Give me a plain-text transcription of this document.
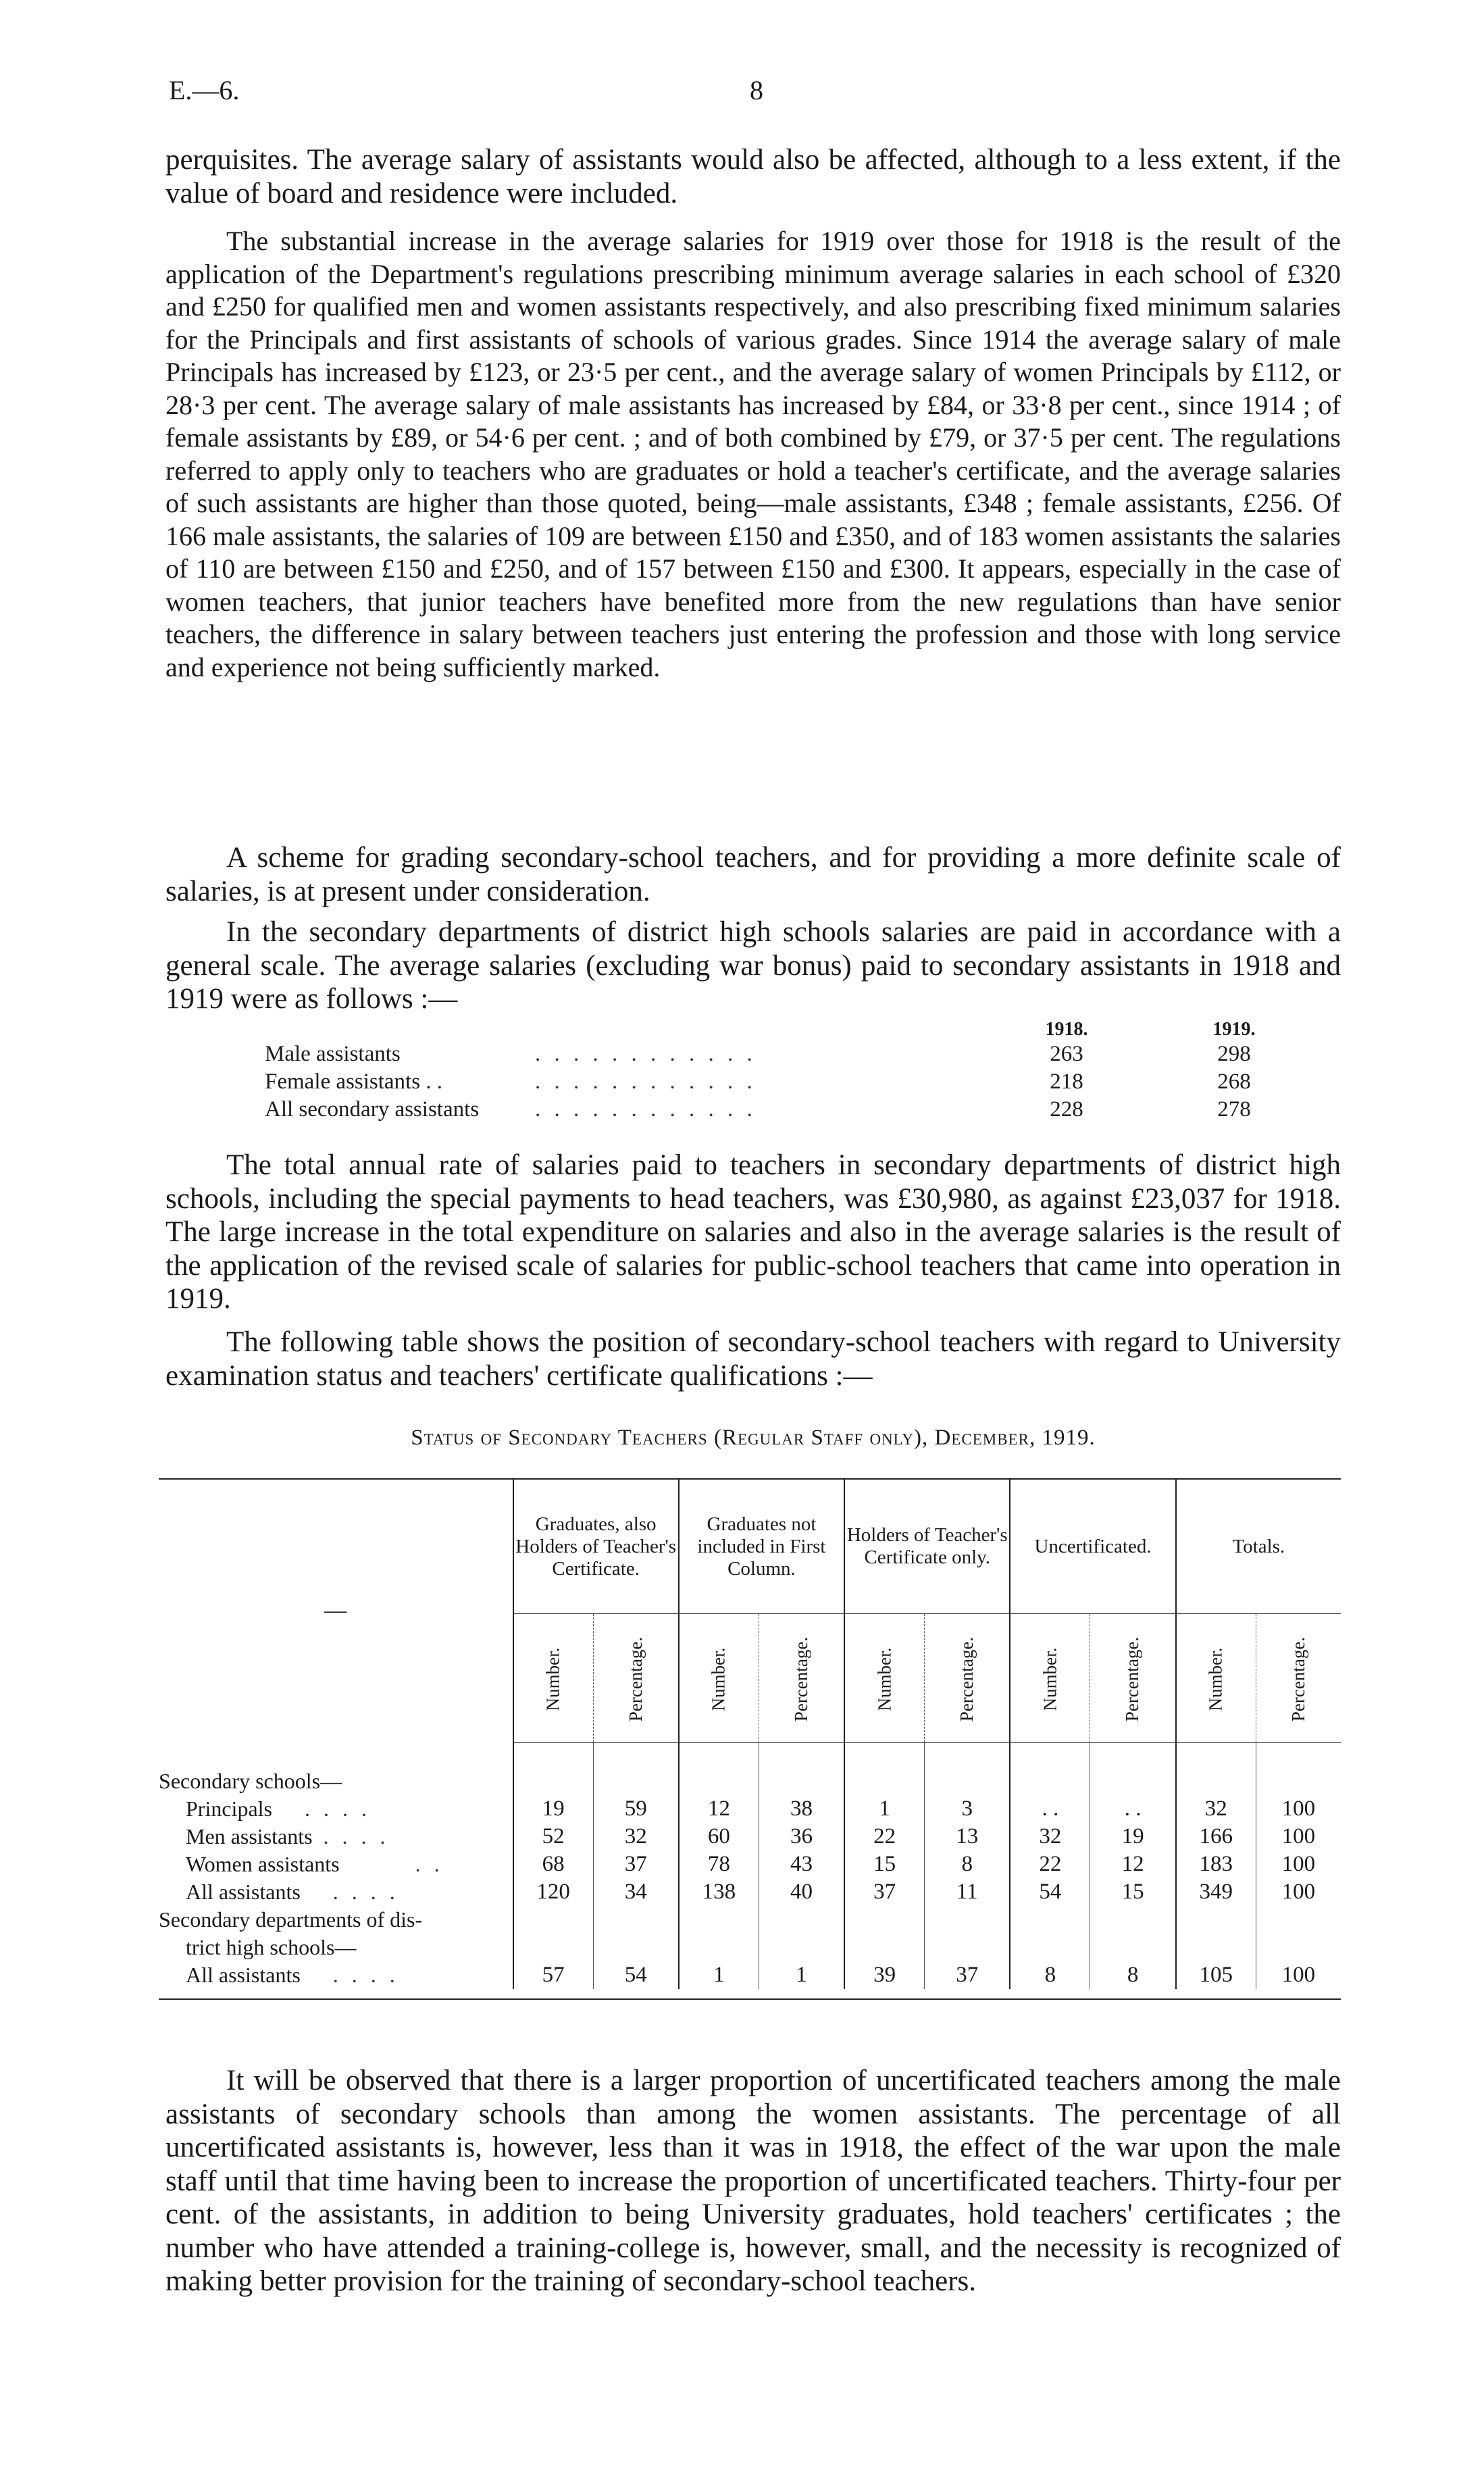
E.—6.	8

perquisites. The average salary of assistants would also be affected, although to a less extent, if the value of board and residence were included.

The substantial increase in the average salaries for 1919 over those for 1918 is the result of the application of the Department's regulations prescribing minimum average salaries in each school of £320 and £250 for qualified men and women assistants respectively, and also prescribing fixed minimum salaries for the Principals and first assistants of schools of various grades. Since 1914 the average salary of male Principals has increased by £123, or 23·5 per cent., and the average salary of women Principals by £112, or 28·3 per cent. The average salary of male assistants has increased by £84, or 33·8 per cent., since 1914 ; of female assistants by £89, or 54·6 per cent. ; and of both combined by £79, or 37·5 per cent. The regulations referred to apply only to teachers who are graduates or hold a teacher's certificate, and the average salaries of such assistants are higher than those quoted, being—male assistants, £348 ; female assistants, £256. Of 166 male assistants, the salaries of 109 are between £150 and £350, and of 183 women assistants the salaries of 110 are between £150 and £250, and of 157 between £150 and £300. It appears, especially in the case of women teachers, that junior teachers have benefited more from the new regulations than have senior teachers, the difference in salary between teachers just entering the profession and those with long service and experience not being sufficiently marked.

A scheme for grading secondary-school teachers, and for providing a more definite scale of salaries, is at present under consideration.

In the secondary departments of district high schools salaries are paid in accordance with a general scale. The average salaries (excluding war bonus) paid to secondary assistants in 1918 and 1919 were as follows :—

1918.	1919.
Male assistants	. . . . . . . . . . . .	263	298
Female assistants . .	. . . . . . . . . . . .	218	268
All secondary assistants	. . . . . . . . . . . .	228	278

The total annual rate of salaries paid to teachers in secondary departments of district high schools, including the special payments to head teachers, was £30,980, as against £23,037 for 1918. The large increase in the total expenditure on salaries and also in the average salaries is the result of the application of the revised scale of salaries for public-school teachers that came into operation in 1919.

The following table shows the position of secondary-school teachers with regard to University examination status and teachers' certificate qualifications :—

Status of Secondary Teachers (Regular Staff only), December, 1919.

—	Graduates, also Holders of Teacher's Certificate.		Graduates not included in First Column.		Holders of Teacher's Certificate only.		Uncertificated.		Totals.	
	Number.	Percentage.	Number.	Percentage.	Number.	Percentage.	Number.	Percentage.	Number.	Percentage.

Secondary schools—										
Principals . . . .	19	59	12	38	1	3	. .	. .	32	100
Men assistants . . . .	52	32	60	36	22	13	32	19	166	100
Women assistants . .	68	37	78	43	15	8	22	12	183	100
All assistants . . . .	120	34	138	40	37	11	54	15	349	100
Secondary departments of dis-										
trict high schools—										
All assistants . . . .	57	54	1	1	39	37	8	8	105	100

It will be observed that there is a larger proportion of uncertificated teachers among the male assistants of secondary schools than among the women assistants. The percentage of all uncertificated assistants is, however, less than it was in 1918, the effect of the war upon the male staff until that time having been to increase the proportion of uncertificated teachers. Thirty-four per cent. of the assistants, in addition to being University graduates, hold teachers' certificates ; the number who have attended a training-college is, however, small, and the necessity is recognized of making better provision for the training of secondary-school teachers.
